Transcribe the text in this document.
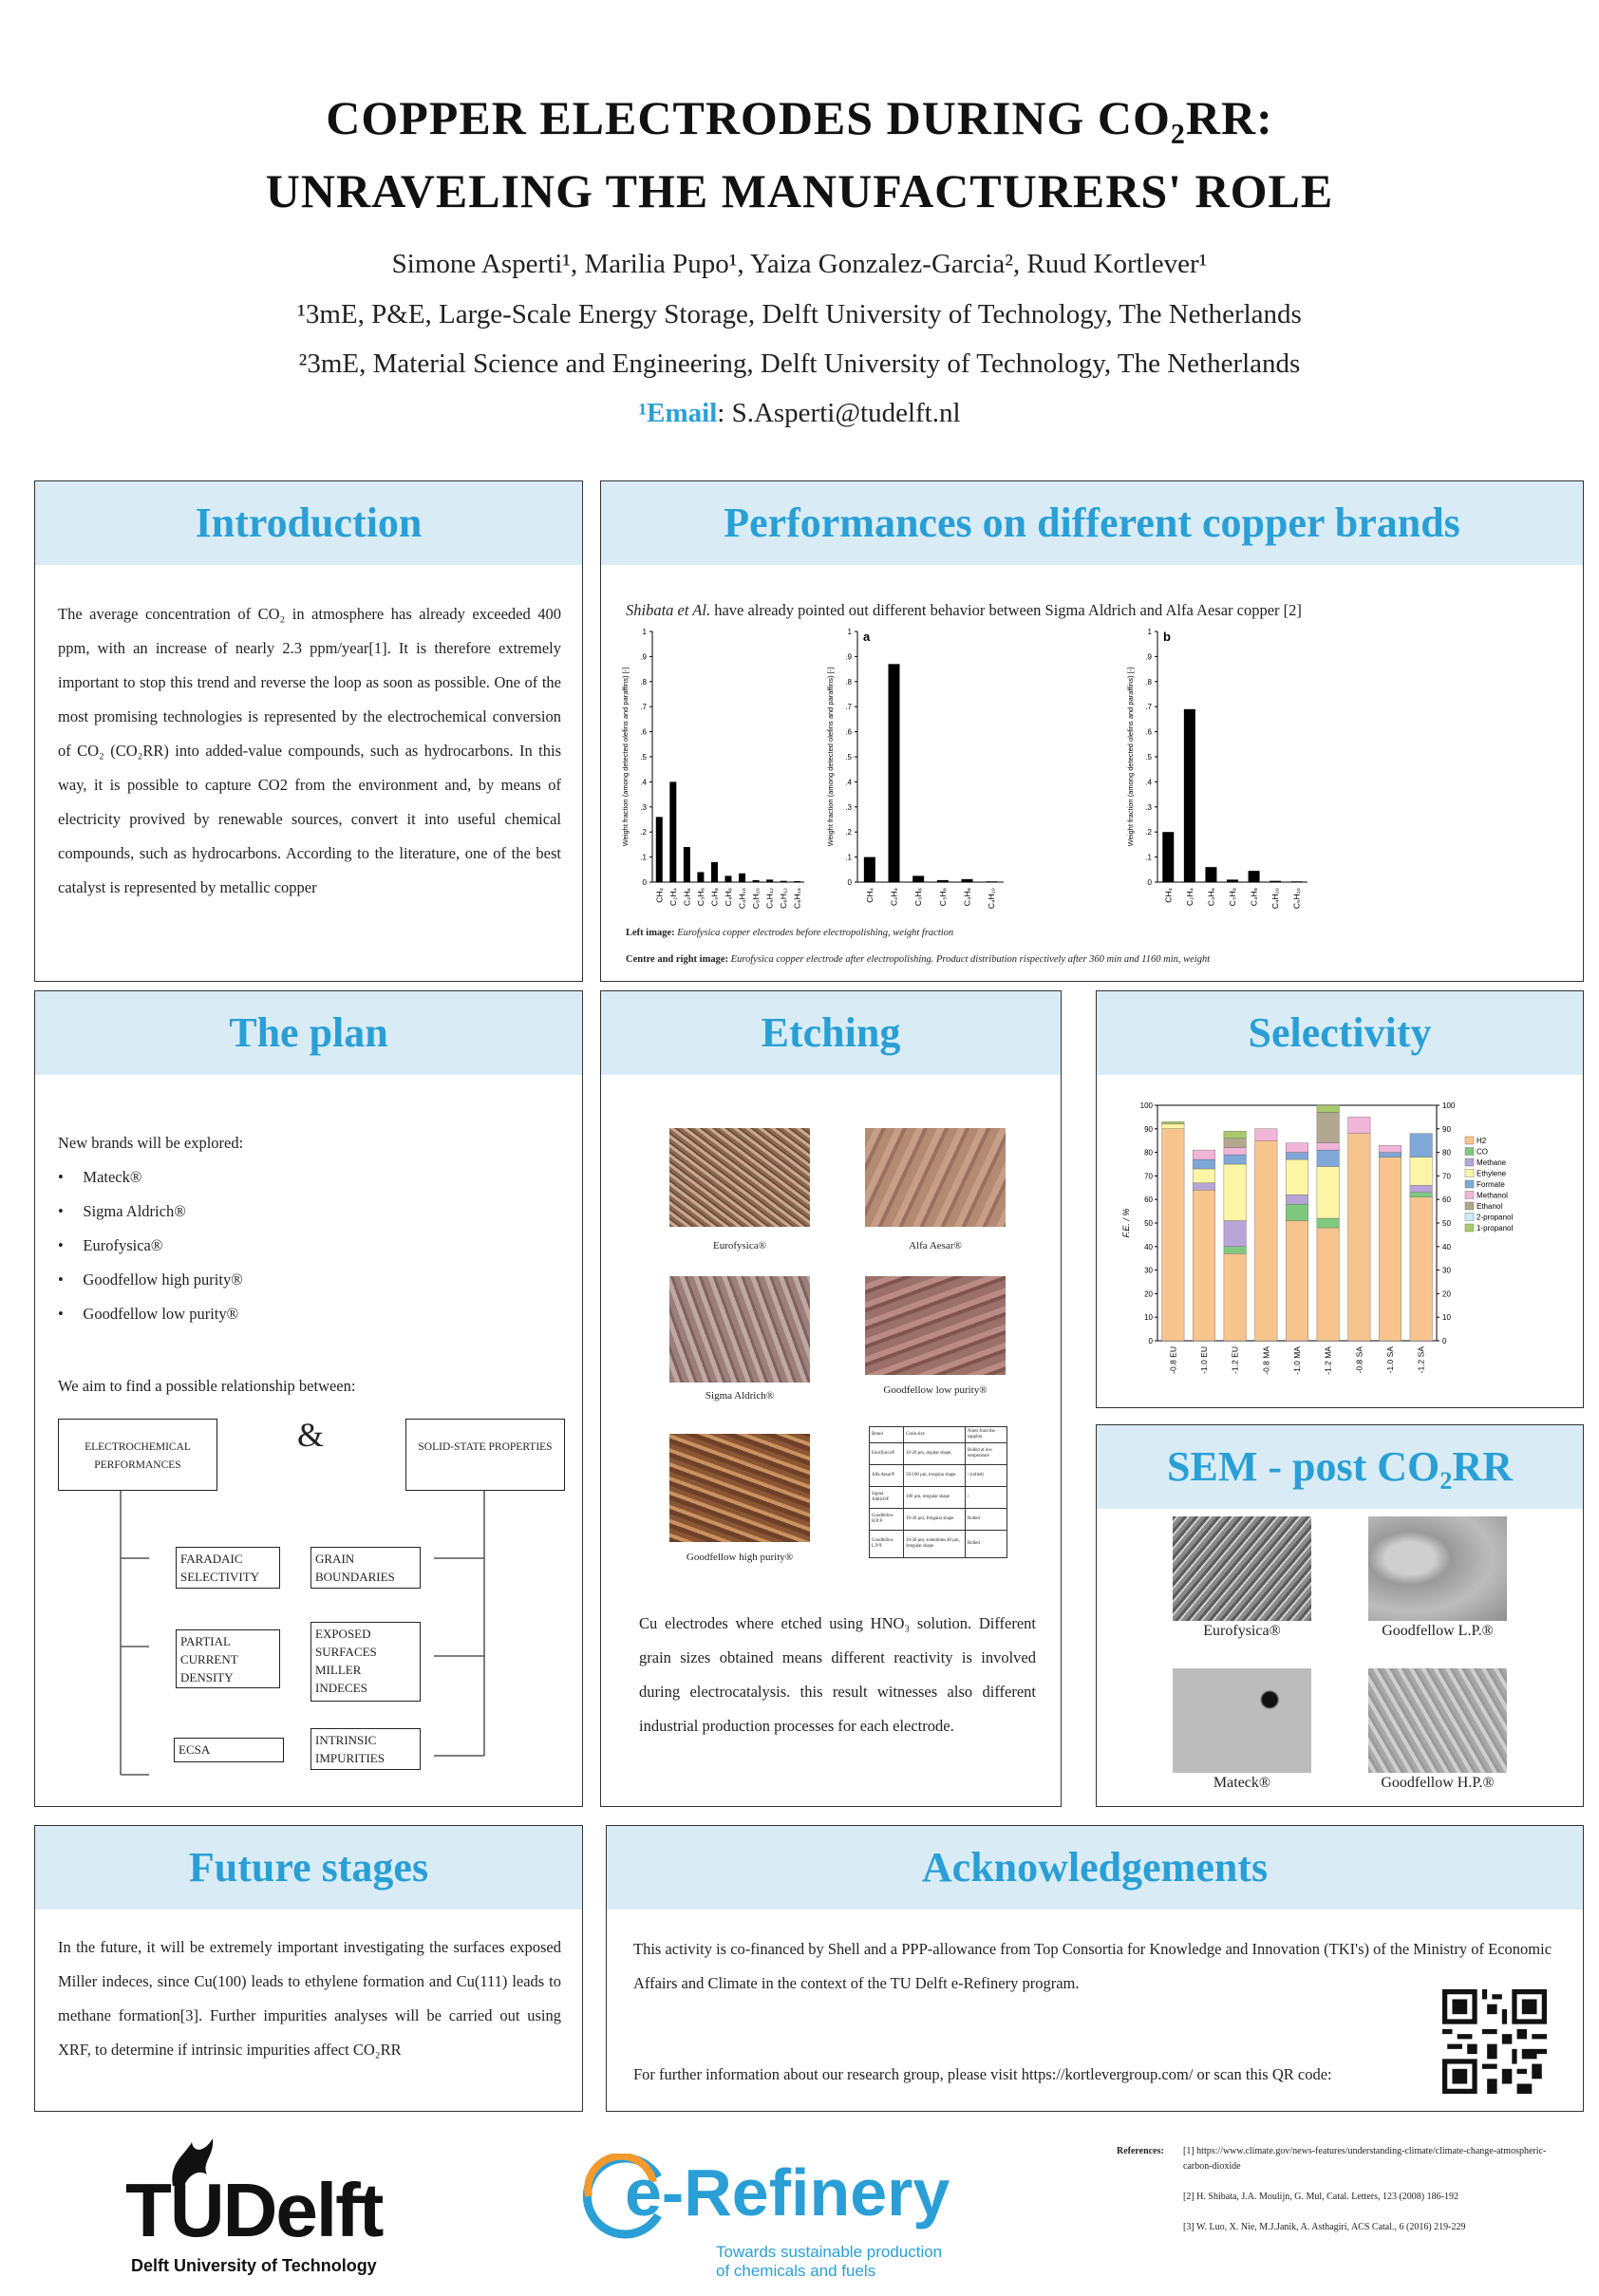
COPPER ELECTRODES DURING CO₂RR:
UNRAVELING THE MANUFACTURERS' ROLE
Simone Asperti¹, Marilia Pupo¹, Yaiza Gonzalez-Garcia², Ruud Kortlever¹
¹3mE, P&E, Large-Scale Energy Storage, Delft University of Technology, The Netherlands
²3mE, Material Science and Engineering, Delft University of Technology, The Netherlands
¹Email: S.Asperti@tudelft.nl
Introduction
The average concentration of CO₂ in atmosphere has already exceeded 400 ppm, with an increase of nearly 2.3 ppm/year[1]. It is therefore extremely important to stop this trend and reverse the loop as soon as possible. One of the most promising technologies is represented by the electrochemical conversion of CO₂ (CO₂RR) into added-value compounds, such as hydrocarbons. In this way, it is possible to capture CO2 from the environment and, by means of electricity provived by renewable sources, convert it into useful chemical compounds, such as hydrocarbons. According to the literature, one of the best catalyst is represented by metallic copper
Performances on different copper brands
Shibata et Al. have already pointed out different behavior between Sigma Aldrich and Alfa Aesar copper [2]
0
.1
.2
.3
.4
.5
.6
.7
.8
.9
1
Weight fraction (among detected olefins and paraffins) [-]
CH₄ C₂H₄ C₂H₆ C₃H₆ C₃H₈ C₄H₈ C₄H₁₀ C₅H₁₀ C₅H₁₂ C₆H₁₂ C₆H₁₄
0
.1
.2
.3
.4
.5
.6
.7
.8
.9
1
Weight fraction (among detected olefins and paraffins) [-]
a
CH₄ C₂H₄ C₃H₆ C₃H₈ C₄H₈ C₄H₁₀
0
.1
.2
.3
.4
.5
.6
.7
.8
.9
1
Weight fraction (among detected olefins and paraffins) [-]
b
CH₄ C₂H₄ C₃H₆ C₃H₈ C₄H₈ C₄H₁₀ C₅H₁₀
Left image: Eurofysica copper electrodes before electropolishing, weight fraction
Centre and right image: Eurofysica copper electrode after electropolishing. Product distribution rispectively after 360 min and 1160 min, weight
The plan
New brands will be explored:
•     Mateck®
•     Sigma Aldrich®
•     Eurofysica®
•     Goodfellow high purity®
•     Goodfellow low purity®
We aim to find a possible relationship between:
ELECTROCHEMICAL PERFORMANCES
&	SOLID-STATE PROPERTIES
FARADAIC SELECTIVITY
PARTIAL CURRENT DENSITY
ECSA
GRAIN BOUNDARIES
EXPOSED SURFACES MILLER INDECES
INTRINSIC IMPURITIES
Etching
Eurofysica®	Alfa Aesar®
Sigma Aldrich®	Goodfellow low purity®
Goodfellow high purity®
Brand	Grain size	Notes from the supplier
Eurofysica®	10-20 µm, regular shape,	Rolled at low temperature
Alfa Aesar®	50-100 µm, irregular shape	/ (rolled)
Sigma Aldrich®	100 µm, irregular shape	/
Goodfellow H.P.®	10-30 µm, Irregular shape	Rolled
Goodfellow L.P.®	10-30 µm, sometimes 40 µm, Irregular shape	Rolled
Cu electrodes where etched using HNO₃ solution. Different grain sizes obtained means different reactivity is involved during electrocatalysis. this result witnesses also different industrial production processes for each electrode.
Selectivity
0	0
10	10
20	20
30	30
40	40
50	50
60	60
70	70
80	80
90	90
100	100
F.E. / %
-0.8 EU	-1.0 EU	-1.2 EU	-0.8 MA	-1.0 MA	-1.2 MA	-0.8 SA	-1.0 SA	-1.2 SA
H2
CO
Methane
Ethylene
Formate
Methanol
Ethanol
2-propanol
1-propanol
SEM - post CO₂RR
Eurofysica®	Goodfellow L.P.®
Mateck®	Goodfellow H.P.®
Future stages
In the future, it will be extremely important investigating the surfaces exposed Miller indeces, since Cu(100) leads to ethylene formation and Cu(111) leads to methane formation[3]. Further impurities analyses will be carried out using XRF, to determine if intrinsic impurities affect CO₂RR
Acknowledgements
This activity is co-financed by Shell and a PPP-allowance from Top Consortia for Knowledge and Innovation (TKI's) of the Ministry of Economic Affairs and Climate in the context of the TU Delft e-Refinery program.
For further information about our research group, please visit https://kortlevergroup.com/ or scan this QR code:
TUDelft
Delft University of Technology
e-Refinery
Towards sustainable production
of chemicals and fuels
References: [1] https://www.climate.gov/news-features/understanding-climate/climate-change-atmospheric-carbon-dioxide
[2] H. Shibata, J.A. Moulijn, G. Mul, Catal. Letters, 123 (2008) 186-192
[3] W. Luo, X. Nie, M.J.Janik, A. Asthagiri, ACS Catal., 6 (2016) 219-229
